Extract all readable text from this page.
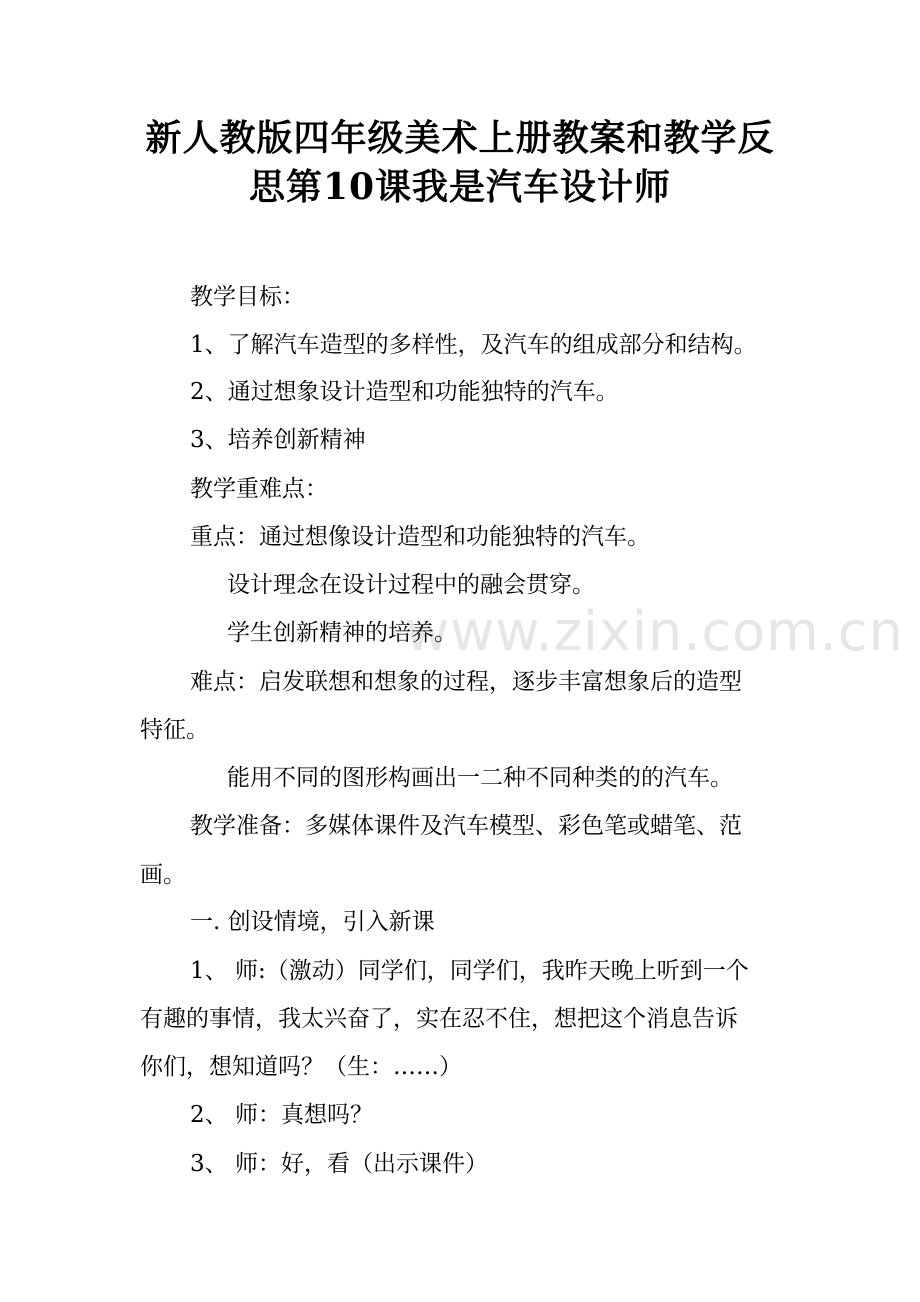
www.zixin.com.cn
新人教版四年级美术上册教案和教学反
思第10课我是汽车设计师
教学目标：
1、了解汽车造型的多样性，及汽车的组成部分和结构。
2、通过想象设计造型和功能独特的汽车。
3、培养创新精神
教学重难点：
重点：通过想像设计造型和功能独特的汽车。
设计理念在设计过程中的融会贯穿。
学生创新精神的培养。
难点：启发联想和想象的过程，逐步丰富想象后的造型
特征。
能用不同的图形构画出一二种不同种类的的汽车。
教学准备：多媒体课件及汽车模型、彩色笔或蜡笔、范
画。
一. 创设情境，引入新课
1、 师:（激动）同学们，同学们，我昨天晚上听到一个
有趣的事情，我太兴奋了，实在忍不住，想把这个消息告诉
你们，想知道吗？（生：……）
2、 师：真想吗？
3、 师：好，看（出示课件）
